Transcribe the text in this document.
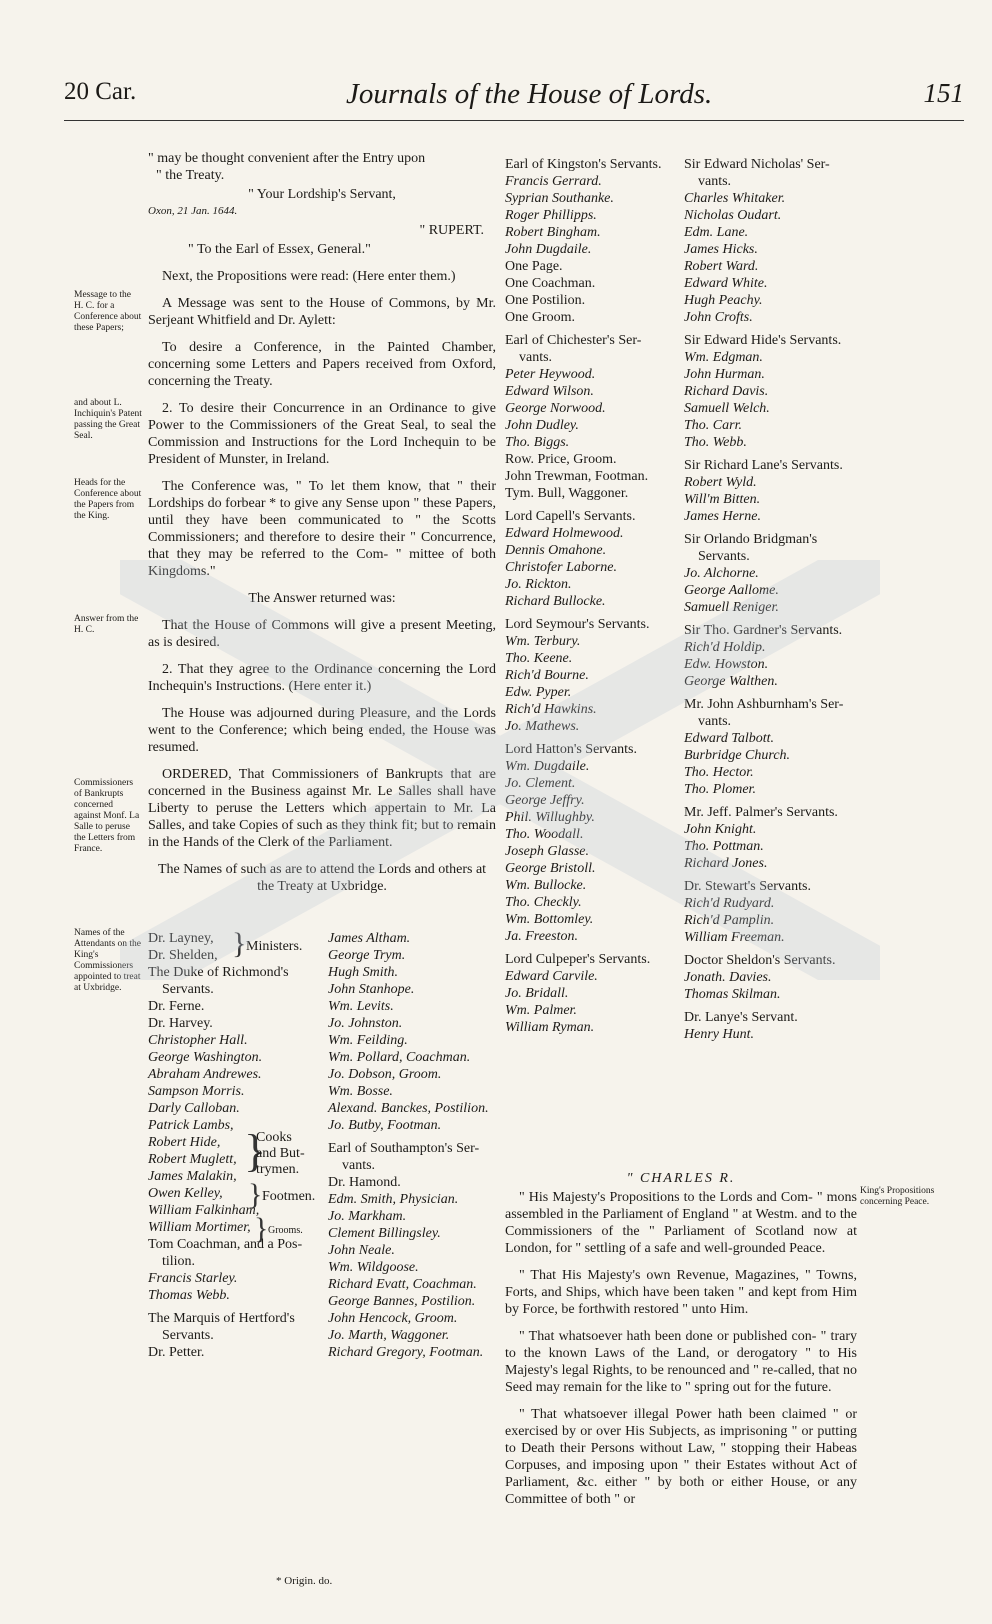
20 Car.	Journals of the House of Lords.	151
Message to the H. C. for a Conference about these Papers;
and about L. Inchiquin's Patent passing the Great Seal.
Heads for the Conference about the Papers from the King.
Answer from the H. C.
Commissioners of Bankrupts concerned against Monf. La Salle to peruse the Letters from France.
Names of the Attendants on the King's Commissioners appointed to treat at Uxbridge.
King's Propositions concerning Peace.
" may be thought convenient after the Entry upon
" the Treaty.
" Your Lordship's Servant,
Oxon, 21 Jan. 1644.
" RUPERT.
" To the Earl of Essex, General."

Next, the Propositions were read: (Here enter them.)

A Message was sent to the House of Commons, by Mr. Serjeant Whitfield and Dr. Aylett:

To desire a Conference, in the Painted Chamber, concerning some Letters and Papers received from Oxford, concerning the Treaty.

2. To desire their Concurrence in an Ordinance to give Power to the Commissioners of the Great Seal, to seal the Commission and Instructions for the Lord Inchequin to be President of Munster, in Ireland.

The Conference was, " To let them know, that " their Lordships do forbear * to give any Sense upon " these Papers, until they have been communicated to " the Scotts Commissioners; and therefore to desire their " Concurrence, that they may be referred to the Com- " mittee of both Kingdoms."

The Answer returned was:

That the House of Commons will give a present Meeting, as is desired.

2. That they agree to the Ordinance concerning the Lord Inchequin's Instructions. (Here enter it.)

The House was adjourned during Pleasure, and the Lords went to the Conference; which being ended, the House was resumed.

ORDERED, That Commissioners of Bankrupts that are concerned in the Business against Mr. Le Salles shall have Liberty to peruse the Letters which appertain to Mr. La Salles, and take Copies of such as they think fit; but to remain in the Hands of the Clerk of the Parliament.

The Names of such as are to attend the Lords and others at the Treaty at Uxbridge.

Dr. Layney,
Dr. Shelden,
The Duke of Richmond's
Servants.
Dr. Ferne.
Dr. Harvey.
Christopher Hall.
George Washington.
Abraham Andrewes.
Sampson Morris.
Darly Calloban.
Patrick Lambs,
Robert Hide,
Robert Muglett,
James Malakin,
Owen Kelley,
William Falkinham,
William Mortimer,
Tom Coachman, and a Pos-
tilion.
Francis Starley.
Thomas Webb.
The Marquis of Hertford's
Servants.
Dr. Petter.
} Ministers.
}
Cooks
and But-
trymen.
} Footmen.
} Grooms.
James Altham.
George Trym.
Hugh Smith.
John Stanhope.
Wm. Levits.
Jo. Johnston.
Wm. Feilding.
Wm. Pollard, Coachman.
Jo. Dobson, Groom.
Wm. Bosse.
Alexand. Banckes, Postilion.
Jo. Butby, Footman.
Earl of Southampton's Ser-
vants.
Dr. Hamond.
Edm. Smith, Physician.
Jo. Markham.
Clement Billingsley.
John Neale.
Wm. Wildgoose.
Richard Evatt, Coachman.
George Bannes, Postilion.
John Hencock, Groom.
Jo. Marth, Waggoner.
Richard Gregory, Footman.
Earl of Kingston's Servants.
Francis Gerrard.
Syprian Southanke.
Roger Phillipps.
Robert Bingham.
John Dugdaile.
One Page.
One Coachman.
One Postilion.
One Groom.
Earl of Chichester's Ser-
vants.
Peter Heywood.
Edward Wilson.
George Norwood.
John Dudley.
Tho. Biggs.
Row. Price, Groom.
John Trewman, Footman.
Tym. Bull, Waggoner.
Lord Capell's Servants.
Edward Holmewood.
Dennis Omahone.
Christofer Laborne.
Jo. Rickton.
Richard Bullocke.
Lord Seymour's Servants.
Wm. Terbury.
Tho. Keene.
Rich'd Bourne.
Edw. Pyper.
Rich'd Hawkins.
Jo. Mathews.
Lord Hatton's Servants.
Wm. Dugdaile.
Jo. Clement.
George Jeffry.
Phil. Willughby.
Tho. Woodall.
Joseph Glasse.
George Bristoll.
Wm. Bullocke.
Tho. Checkly.
Wm. Bottomley.
Ja. Freeston.
Lord Culpeper's Servants.
Edward Carvile.
Jo. Bridall.
Wm. Palmer.
William Ryman.
Sir Edward Nicholas' Ser-
vants.
Charles Whitaker.
Nicholas Oudart.
Edm. Lane.
James Hicks.
Robert Ward.
Edward White.
Hugh Peachy.
John Crofts.
Sir Edward Hide's Servants.
Wm. Edgman.
John Hurman.
Richard Davis.
Samuell Welch.
Tho. Carr.
Tho. Webb.
Sir Richard Lane's Servants.
Robert Wyld.
Will'm Bitten.
James Herne.
Sir Orlando Bridgman's
Servants.
Jo. Alchorne.
George Aallome.
Samuell Reniger.
Sir Tho. Gardner's Servants.
Rich'd Holdip.
Edw. Howston.
George Walthen.
Mr. John Ashburnham's Ser-
vants.
Edward Talbott.
Burbridge Church.
Tho. Hector.
Tho. Plomer.
Mr. Jeff. Palmer's Servants.
John Knight.
Tho. Pottman.
Richard Jones.
Dr. Stewart's Servants.
Rich'd Rudyard.
Rich'd Pamplin.
William Freeman.
Doctor Sheldon's Servants.
Jonath. Davies.
Thomas Skilman.
Dr. Lanye's Servant.
Henry Hunt.
" CHARLES R.

" His Majesty's Propositions to the Lords and Com- " mons assembled in the Parliament of England " at Westm. and to the Commissioners of the " Parliament of Scotland now at London, for " settling of a safe and well-grounded Peace.

" That His Majesty's own Revenue, Magazines, " Towns, Forts, and Ships, which have been taken " and kept from Him by Force, be forthwith restored " unto Him.

" That whatsoever hath been done or published con- " trary to the known Laws of the Land, or derogatory " to His Majesty's legal Rights, to be renounced and " re-called, that no Seed may remain for the like to " spring out for the future.

" That whatsoever illegal Power hath been claimed " or exercised by or over His Subjects, as imprisoning " or putting to Death their Persons without Law, " stopping their Habeas Corpuses, and imposing upon " their Estates without Act of Parliament, &c. either " by both or either House, or any Committee of both " or

* Origin. do.
